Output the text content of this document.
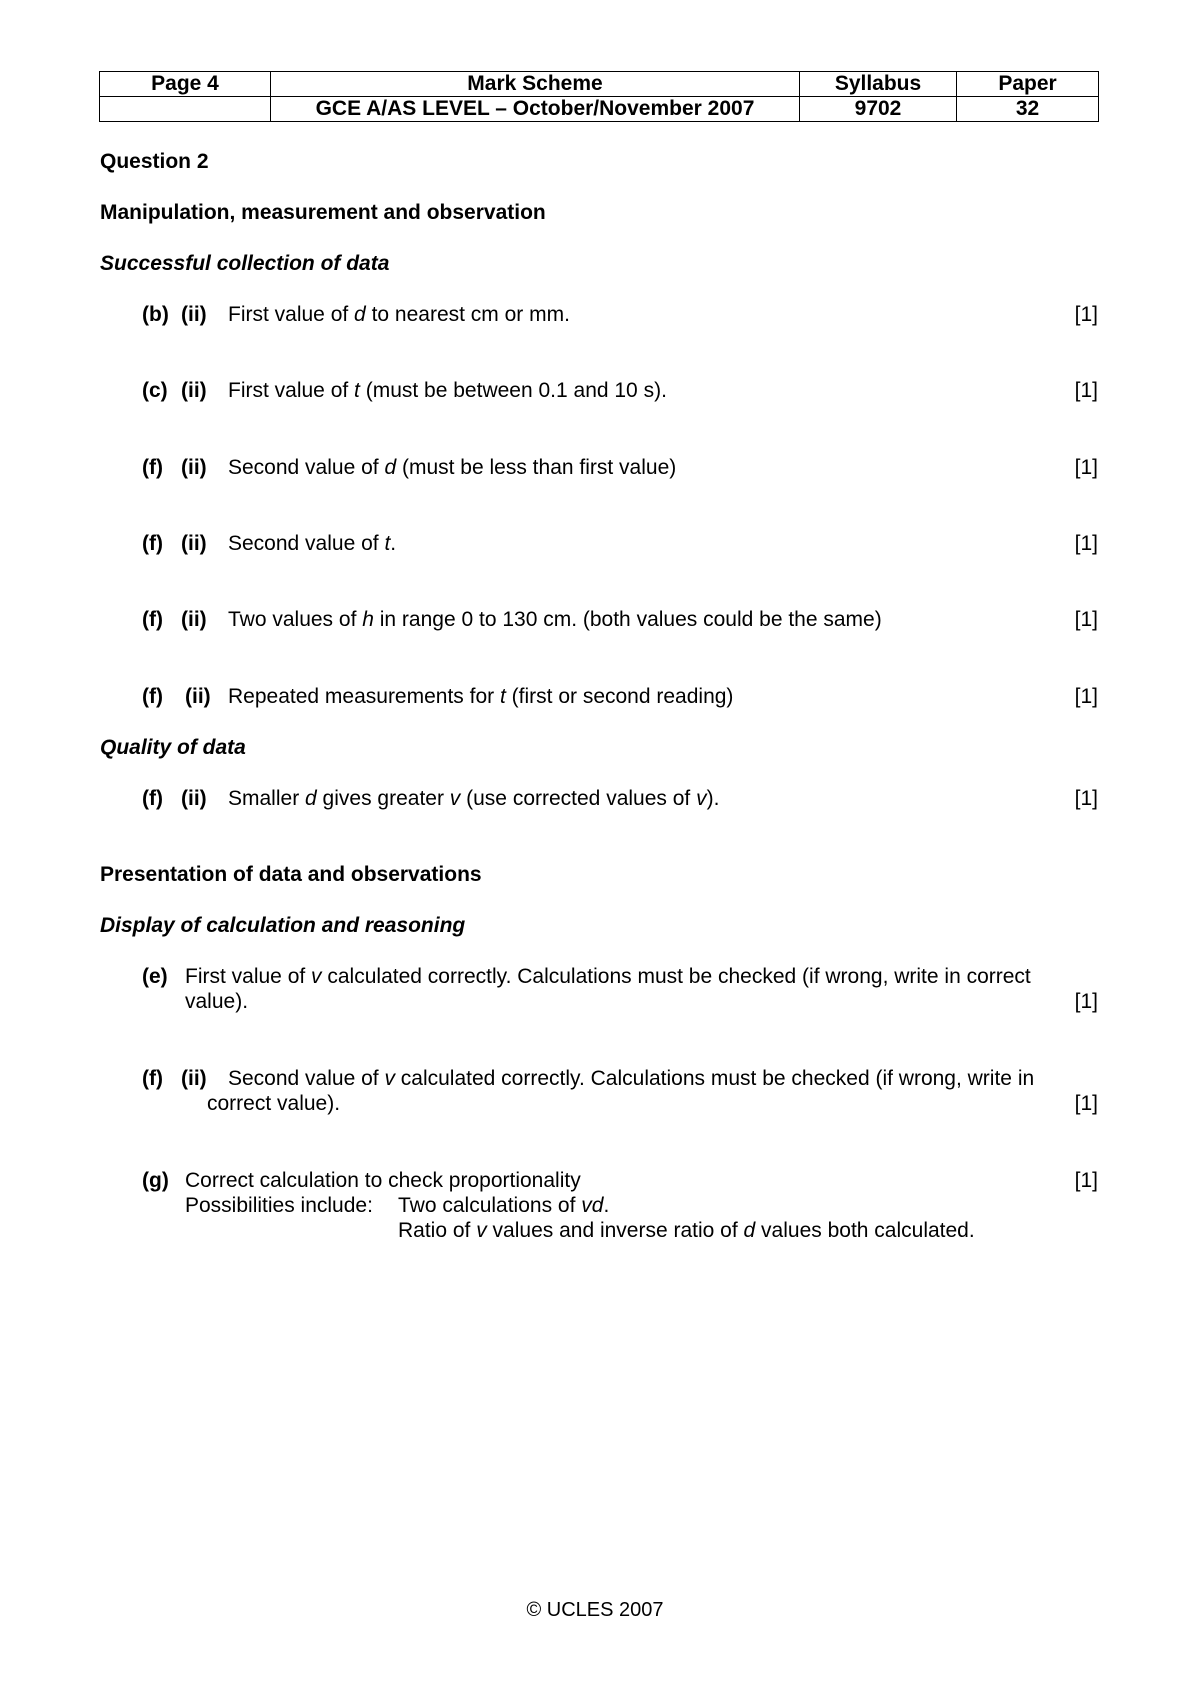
Page 4	Mark Scheme	Syllabus	Paper
	GCE A/AS LEVEL – October/November 2007	9702	32
Question 2
Manipulation, measurement and observation
Successful collection of data
(b) (ii) First value of d to nearest cm or mm.	[1]
(c) (ii) First value of t (must be between 0.1 and 10 s).	[1]
(f) (ii) Second value of d (must be less than first value)	[1]
(f) (ii) Second value of t.	[1]
(f) (ii) Two values of h in range 0 to 130 cm. (both values could be the same)	[1]
(f) (ii) Repeated measurements for t (first or second reading)	[1]
Quality of data
(f) (ii) Smaller d gives greater v (use corrected values of v).	[1]
Presentation of data and observations
Display of calculation and reasoning
(e) First value of v calculated correctly. Calculations must be checked (if wrong, write in correct
value).	[1]
(f) (ii) Second value of v calculated correctly. Calculations must be checked (if wrong, write in
correct value).	[1]
(g) Correct calculation to check proportionality	[1]
Possibilities include: Two calculations of vd.
Ratio of v values and inverse ratio of d values both calculated.
© UCLES 2007
